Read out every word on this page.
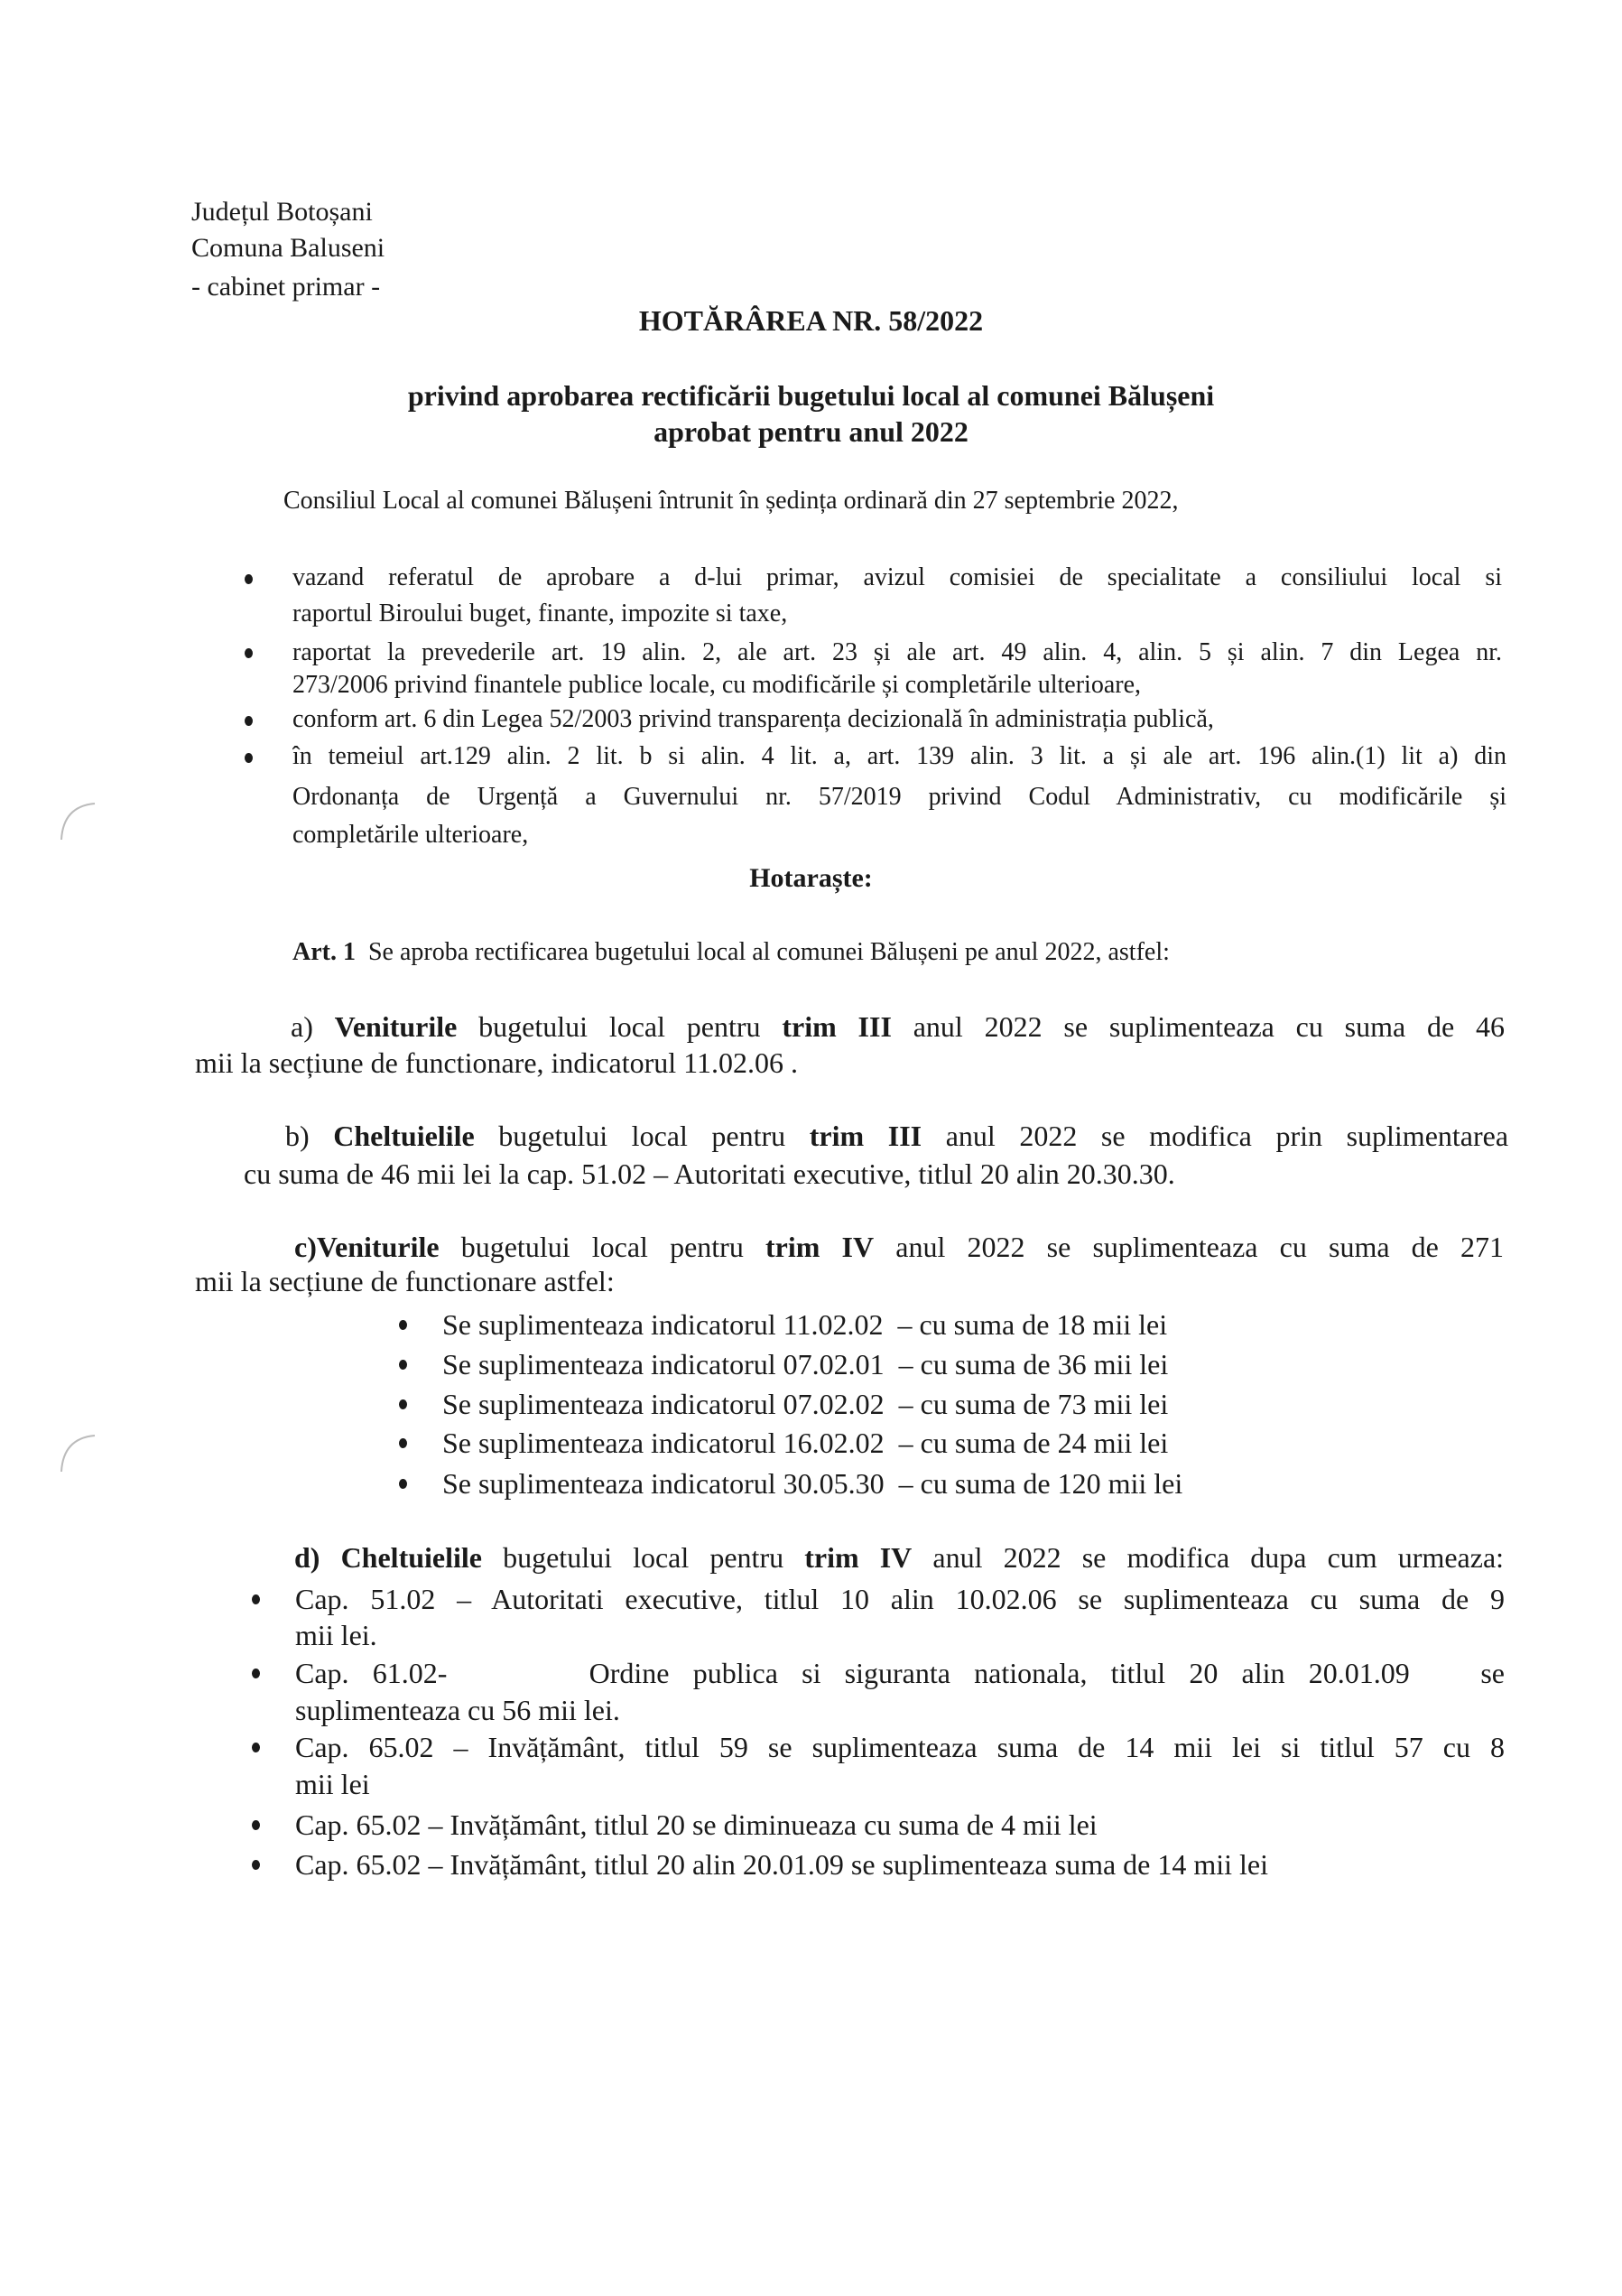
Județul Botoșani
Comuna Baluseni
- cabinet primar -
HOTĂRÂREA NR. 58/2022
privind aprobarea rectificării bugetului local al comunei Bălușeni
aprobat pentru anul 2022
Consiliul Local al comunei Bălușeni întrunit în ședința ordinară din 27 septembrie 2022,
vazand referatul de aprobare a d-lui primar, avizul comisiei de specialitate a consiliului local si
raportul Biroului buget, finante, impozite si taxe,
raportat la prevederile art. 19 alin. 2, ale art. 23 și ale art. 49 alin. 4, alin. 5 și alin. 7 din Legea nr.
273/2006 privind finantele publice locale, cu modificările și completările ulterioare,
conform art. 6 din Legea 52/2003 privind transparența decizională în administrația publică,
în temeiul art.129 alin. 2 lit. b si alin. 4 lit. a, art. 139 alin. 3 lit. a și ale art. 196 alin.(1) lit a) din
Ordonanța de Urgență a Guvernului nr. 57/2019 privind Codul Administrativ, cu modificările și
completările ulterioare,
Hotaraște:
Art. 1 Se aproba rectificarea bugetului local al comunei Bălușeni pe anul 2022, astfel:
a) Veniturile bugetului local pentru trim III anul 2022 se suplimenteaza cu suma de 46
mii la secțiune de functionare, indicatorul 11.02.06 .
b) Cheltuielile bugetului local pentru trim III anul 2022 se modifica prin suplimentarea
cu suma de 46 mii lei la cap. 51.02 – Autoritati executive, titlul 20 alin 20.30.30.
c)Veniturile bugetului local pentru trim IV anul 2022 se suplimenteaza cu suma de 271
mii la secțiune de functionare astfel:
Se suplimenteaza indicatorul 11.02.02 – cu suma de 18 mii lei
Se suplimenteaza indicatorul 07.02.01 – cu suma de 36 mii lei
Se suplimenteaza indicatorul 07.02.02 – cu suma de 73 mii lei
Se suplimenteaza indicatorul 16.02.02 – cu suma de 24 mii lei
Se suplimenteaza indicatorul 30.05.30 – cu suma de 120 mii lei
d) Cheltuielile bugetului local pentru trim IV anul 2022 se modifica dupa cum urmeaza:
Cap. 51.02 – Autoritati executive, titlul 10 alin 10.02.06 se suplimenteaza cu suma de 9
mii lei.
Cap. 61.02-      Ordine publica si siguranta nationala, titlul 20 alin 20.01.09   se
suplimenteaza cu 56 mii lei.
Cap. 65.02 – Invățământ, titlul 59 se suplimenteaza suma de 14 mii lei si titlul 57 cu 8
mii lei
Cap. 65.02 – Invățământ, titlul 20 se diminueaza cu suma de 4 mii lei
Cap. 65.02 – Invățământ, titlul 20 alin 20.01.09 se suplimenteaza suma de 14 mii lei
